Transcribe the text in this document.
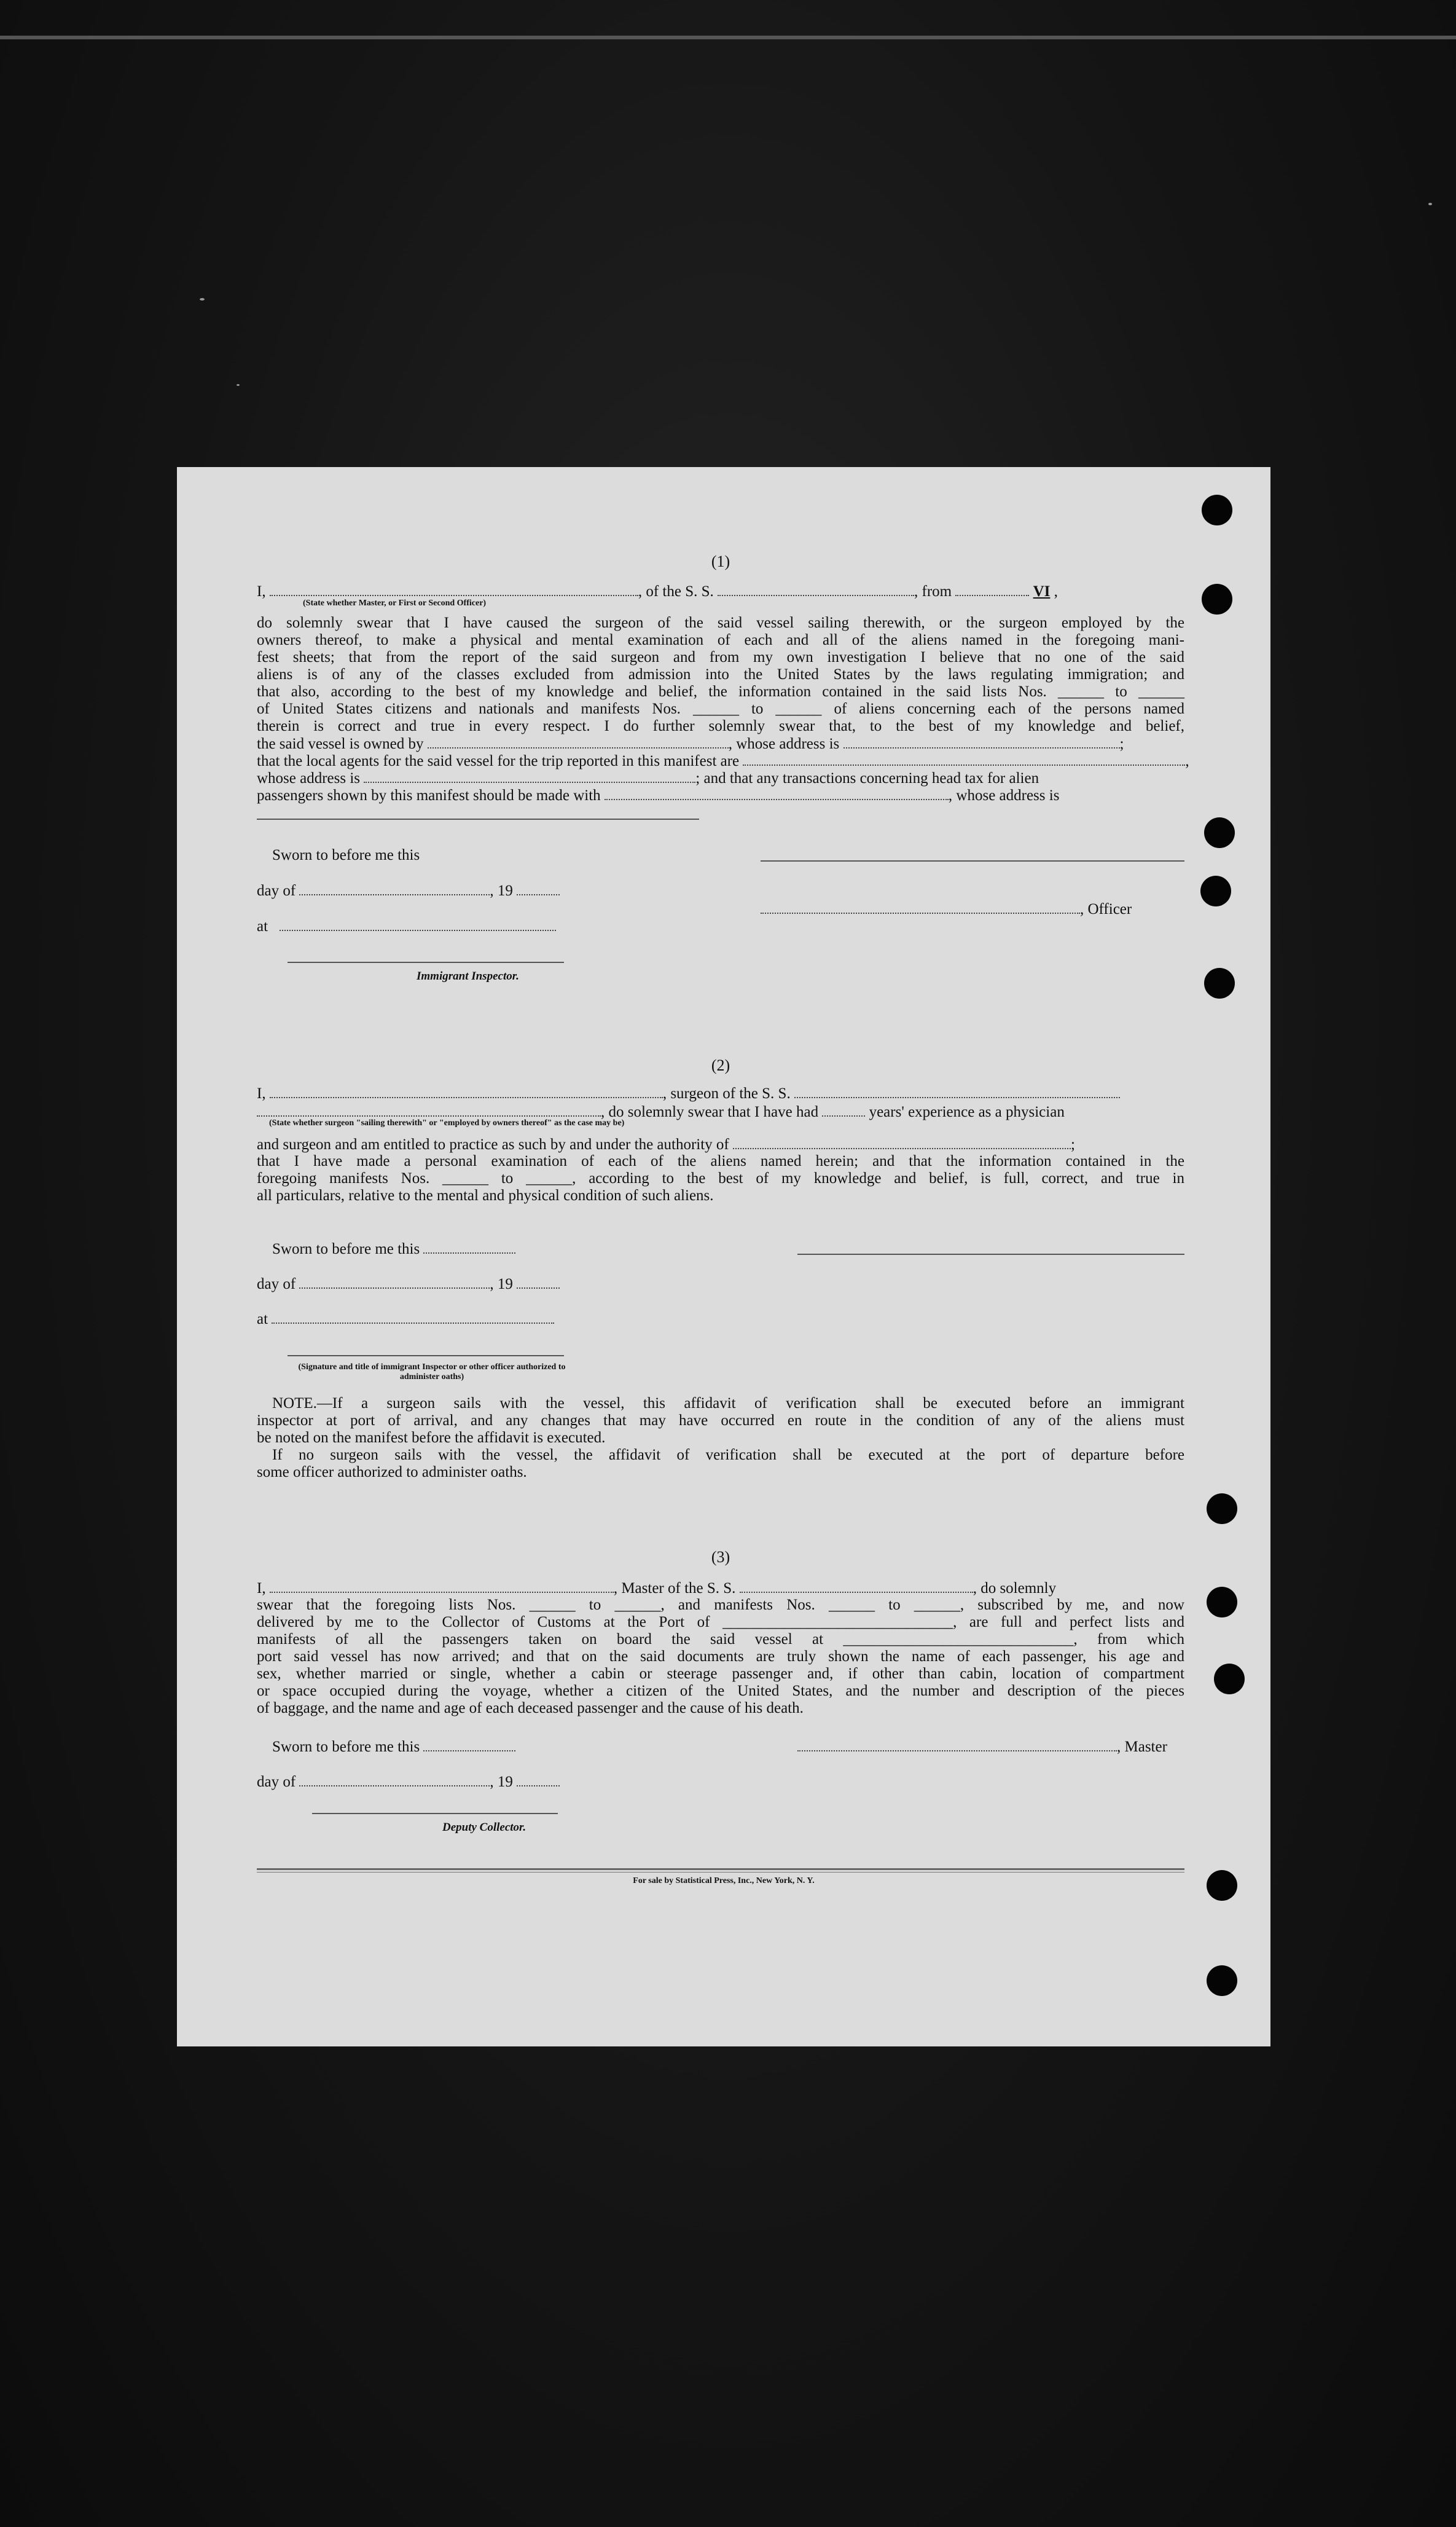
(1)
I,	, of the S. S.	, from	VI ,
(State whether Master, or First or Second Officer)
do solemnly swear that I have caused the surgeon of the said vessel sailing therewith, or the surgeon employed by the
owners thereof, to make a physical and mental examination of each and all of the aliens named in the foregoing mani-
fest sheets; that from the report of the said surgeon and from my own investigation I believe that no one of the said
aliens is of any of the classes excluded from admission into the United States by the laws regulating immigration; and
that also, according to the best of my knowledge and belief, the information contained in the said lists Nos. ______ to ______
of United States citizens and nationals and manifests Nos. ______ to ______ of aliens concerning each of the persons named
therein is correct and true in every respect. I do further solemnly swear that, to the best of my knowledge and belief,
the said vessel is owned by	, whose address is	;
that the local agents for the said vessel for the trip reported in this manifest are	,
whose address is	; and that any transactions concerning head tax for alien
passengers shown by this manifest should be made with	, whose address is
Sworn to before me this
day of	, 19
, Officer
at
Immigrant Inspector.
(2)
I,	, surgeon of the S. S.
, do solemnly swear that I have had	years' experience as a physician
(State whether surgeon "sailing therewith" or "employed by owners thereof" as the case may be)
and surgeon and am entitled to practice as such by and under the authority of	;
that I have made a personal examination of each of the aliens named herein; and that the information contained in the
foregoing manifests Nos. ______ to ______, according to the best of my knowledge and belief, is full, correct, and true in
all particulars, relative to the mental and physical condition of such aliens.
Sworn to before me this
day of	, 19
at
(Signature and title of immigrant Inspector or other officer authorized to administer oaths)
NOTE.—If a surgeon sails with the vessel, this affidavit of verification shall be executed before an immigrant
inspector at port of arrival, and any changes that may have occurred en route in the condition of any of the aliens must
be noted on the manifest before the affidavit is executed.
If no surgeon sails with the vessel, the affidavit of verification shall be executed at the port of departure before
some officer authorized to administer oaths.
(3)
I,	, Master of the S. S.	, do solemnly
swear that the foregoing lists Nos. ______ to ______, and manifests Nos. ______ to ______, subscribed by me, and now
delivered by me to the Collector of Customs at the Port of ______________________________, are full and perfect lists and
manifests of all the passengers taken on board the said vessel at ______________________________, from which
port said vessel has now arrived; and that on the said documents are truly shown the name of each passenger, his age and
sex, whether married or single, whether a cabin or steerage passenger and, if other than cabin, location of compartment
or space occupied during the voyage, whether a citizen of the United States, and the number and description of the pieces
of baggage, and the name and age of each deceased passenger and the cause of his death.
Sworn to before me this	, Master
day of	, 19
Deputy Collector.
For sale by Statistical Press, Inc., New York, N. Y.
